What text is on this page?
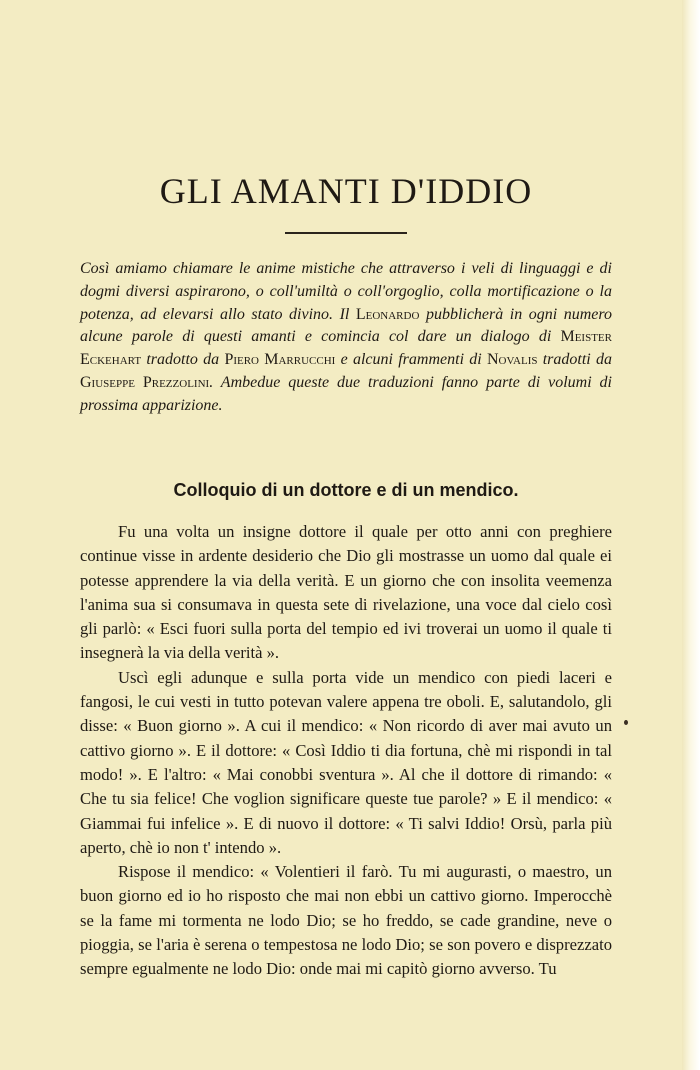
GLI AMANTI D'IDDIO
Così amiamo chiamare le anime mistiche che attraverso i veli di linguaggi e di dogmi diversi aspirarono, o coll'umiltà o coll'orgoglio, colla mortificazione o la potenza, ad elevarsi allo stato divino. Il Leonardo pubblicherà in ogni numero alcune parole di questi amanti e comincia col dare un dialogo di Meister Eckehart tradotto da Piero Marrucchi e alcuni frammenti di Novalis tradotti da Giuseppe Prezzolini. Ambedue queste due traduzioni fanno parte di volumi di prossima apparizione.
Colloquio di un dottore e di un mendico.

Fu una volta un insigne dottore il quale per otto anni con preghiere continue visse in ardente desiderio che Dio gli mostrasse un uomo dal quale ei potesse apprendere la via della verità. E un giorno che con insolita veemenza l'anima sua si consumava in questa sete di rivelazione, una voce dal cielo così gli parlò: « Esci fuori sulla porta del tempio ed ivi troverai un uomo il quale ti insegnerà la via della verità ».

Uscì egli adunque e sulla porta vide un mendico con piedi laceri e fangosi, le cui vesti in tutto potevan valere appena tre oboli. E, salutandolo, gli disse: « Buon giorno ». A cui il mendico: « Non ricordo di aver mai avuto un cattivo giorno ». E il dottore: « Così Iddio ti dia fortuna, chè mi rispondi in tal modo! ». E l'altro: « Mai conobbi sventura ». Al che il dottore di rimando: « Che tu sia felice! Che voglion significare queste tue parole? » E il mendico: « Giammai fui infelice ». E di nuovo il dottore: « Ti salvi Iddio! Orsù, parla più aperto, chè io non t' intendo ».

Rispose il mendico: « Volentieri il farò. Tu mi augurasti, o maestro, un buon giorno ed io ho risposto che mai non ebbi un cattivo giorno. Imperocchè se la fame mi tormenta ne lodo Dio; se ho freddo, se cade grandine, neve o pioggia, se l'aria è serena o tempestosa ne lodo Dio; se son povero e disprezzato sempre egualmente ne lodo Dio: onde mai mi capitò giorno avverso. Tu
